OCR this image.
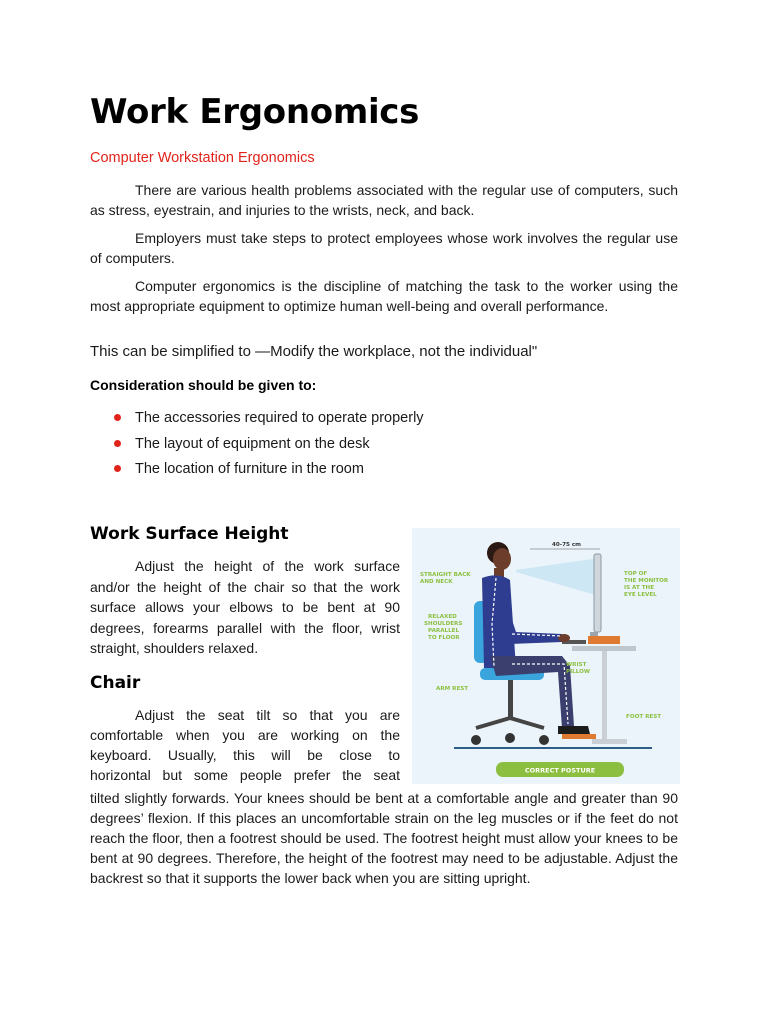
Work Ergonomics

Computer Workstation Ergonomics

There are various health problems associated with the regular use of computers, such as stress, eyestrain, and injuries to the wrists, neck, and back.

Employers must take steps to protect employees whose work involves the regular use of computers.

Computer ergonomics is the discipline of matching the task to the worker using the most appropriate equipment to optimize human well-being and overall performance.

This can be simplified to —Modify the workplace, not the individual"

Consideration should be given to:

The accessories required to operate properly
The layout of equipment on the desk
The location of furniture in the room
Work Surface Height

Adjust the height of the work surface and/or the height of the chair so that the work surface allows your elbows to be bent at 90 degrees, forearms parallel with the floor, wrist straight, shoulders relaxed.

Chair
Adjust the seat tilt so that you are
comfortable when you are working on the
keyboard. Usually, this will be close to
horizontal but some people prefer the seat

tilted slightly forwards. Your knees should be bent at a comfortable angle and greater than 90 degrees’ flexion. If this places an uncomfortable strain on the leg muscles or if the feet do not reach the floor, then a footrest should be used. The footrest height must allow your knees to be bent at 90 degrees. Therefore, the height of the footrest may need to be adjustable. Adjust the backrest so that it supports the lower back when you are sitting upright.

40-75 cm
STRAIGHT BACK
AND NECK
TOP OF
THE MONITOR
IS AT THE
EYE LEVEL
RELAXED
SHOULDERS
PARALLEL
TO FLOOR
WRIST
PILLOW
ARM REST
FOOT REST
CORRECT POSTURE
